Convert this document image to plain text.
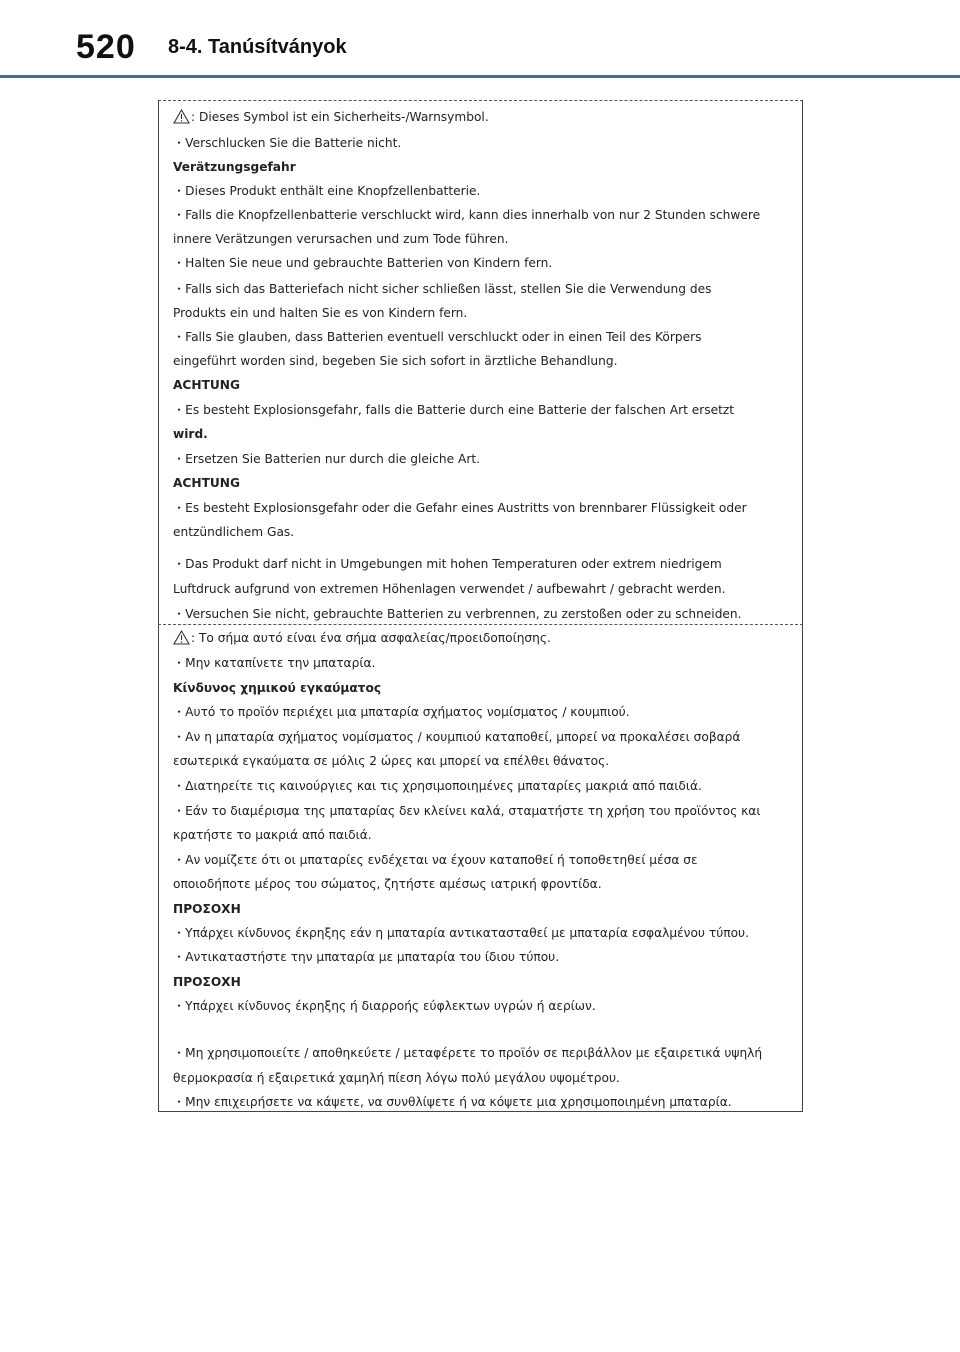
520 8-4. Tanúsítványok
: Dieses Symbol ist ein Sicherheits-/Warnsymbol.
・Verschlucken Sie die Batterie nicht.
Verätzungsgefahr
・Dieses Produkt enthält eine Knopfzellenbatterie.
・Falls die Knopfzellenbatterie verschluckt wird, kann dies innerhalb von nur 2 Stunden schwere
innere Verätzungen verursachen und zum Tode führen.
・Halten Sie neue und gebrauchte Batterien von Kindern fern.
・Falls sich das Batteriefach nicht sicher schließen lässt, stellen Sie die Verwendung des
Produkts ein und halten Sie es von Kindern fern.
・Falls Sie glauben, dass Batterien eventuell verschluckt oder in einen Teil des Körpers
eingeführt worden sind, begeben Sie sich sofort in ärztliche Behandlung.
ACHTUNG
・Es besteht Explosionsgefahr, falls die Batterie durch eine Batterie der falschen Art ersetzt
wird.
・Ersetzen Sie Batterien nur durch die gleiche Art.
ACHTUNG
・Es besteht Explosionsgefahr oder die Gefahr eines Austritts von brennbarer Flüssigkeit oder
entzündlichem Gas.
・Das Produkt darf nicht in Umgebungen mit hohen Temperaturen oder extrem niedrigem
Luftdruck aufgrund von extremen Höhenlagen verwendet / aufbewahrt / gebracht werden.
・Versuchen Sie nicht, gebrauchte Batterien zu verbrennen, zu zerstoßen oder zu schneiden.
: Το σήμα αυτό είναι ένα σήμα ασφαλείας/προειδοποίησης.
・Μην καταπίνετε την μπαταρία.
Κίνδυνος χημικού εγκαύματος
・Αυτό το προϊόν περιέχει μια μπαταρία σχήματος νομίσματος / κουμπιού.
・Αν η μπαταρία σχήματος νομίσματος / κουμπιού καταποθεί, μπορεί να προκαλέσει σοβαρά
εσωτερικά εγκαύματα σε μόλις 2 ώρες και μπορεί να επέλθει θάνατος.
・Διατηρείτε τις καινούργιες και τις χρησιμοποιημένες μπαταρίες μακριά από παιδιά.
・Εάν το διαμέρισμα της μπαταρίας δεν κλείνει καλά, σταματήστε τη χρήση του προϊόντος και
κρατήστε το μακριά από παιδιά.
・Αν νομίζετε ότι οι μπαταρίες ενδέχεται να έχουν καταποθεί ή τοποθετηθεί μέσα σε
οποιοδήποτε μέρος του σώματος, ζητήστε αμέσως ιατρική φροντίδα.
ΠΡΟΣΟΧΗ
・Υπάρχει κίνδυνος έκρηξης εάν η μπαταρία αντικατασταθεί με μπαταρία εσφαλμένου τύπου.
・Αντικαταστήστε την μπαταρία με μπαταρία του ίδιου τύπου.
ΠΡΟΣΟΧΗ
・Υπάρχει κίνδυνος έκρηξης ή διαρροής εύφλεκτων υγρών ή αερίων.
・Μη χρησιμοποιείτε / αποθηκεύετε / μεταφέρετε το προϊόν σε περιβάλλον με εξαιρετικά υψηλή
θερμοκρασία ή εξαιρετικά χαμηλή πίεση λόγω πολύ μεγάλου υψομέτρου.
・Μην επιχειρήσετε να κάψετε, να συνθλίψετε ή να κόψετε μια χρησιμοποιημένη μπαταρία.
